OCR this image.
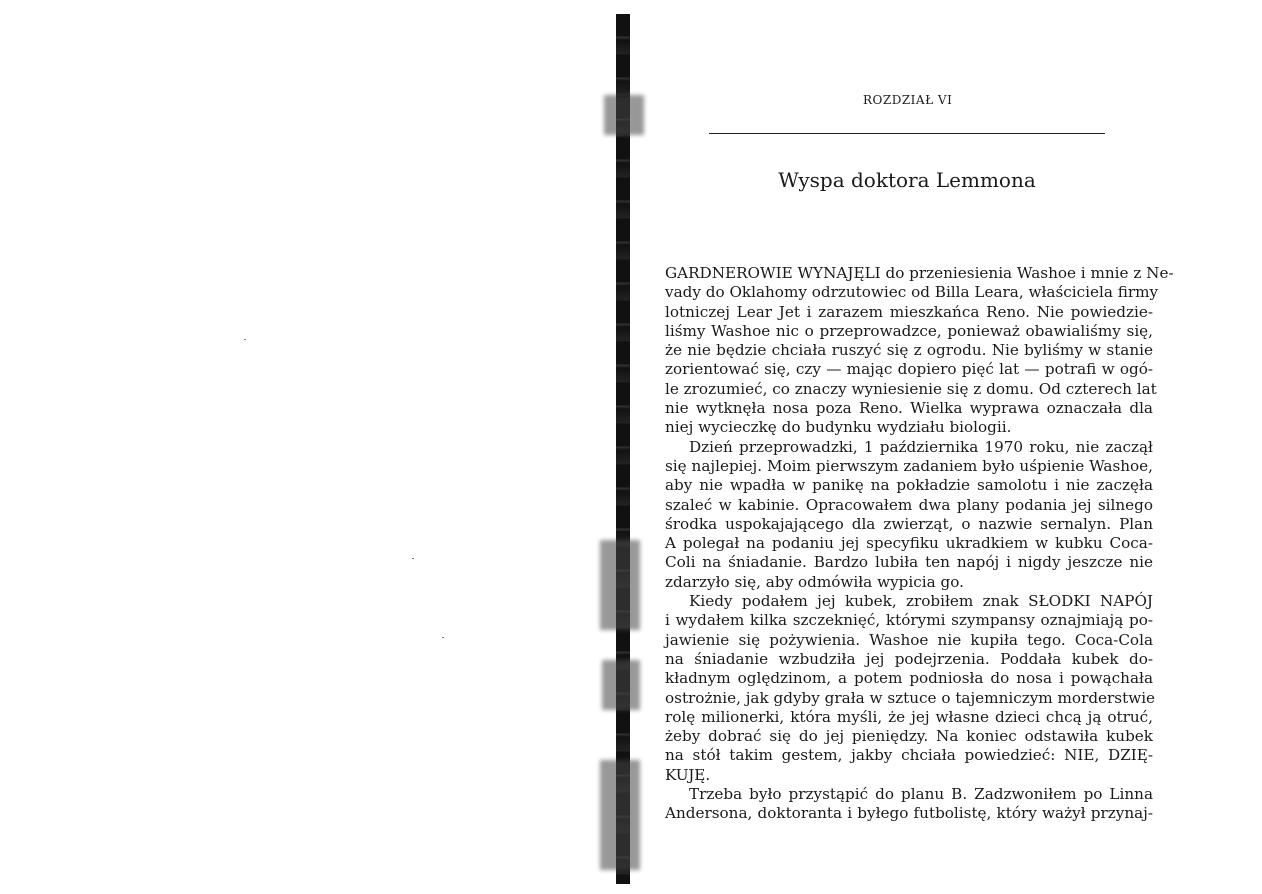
ROZDZIAŁ VI
Wyspa doktora Lemmona
GARDNEROWIE WYNAJĘLI do przeniesienia Washoe i mnie z Ne-
vady do Oklahomy odrzutowiec od Billa Leara, właściciela firmy
lotniczej Lear Jet i zarazem mieszkańca Reno. Nie powiedzie-
liśmy Washoe nic o przeprowadzce, ponieważ obawialiśmy się,
że nie będzie chciała ruszyć się z ogrodu. Nie byliśmy w stanie
zorientować się, czy — mając dopiero pięć lat — potrafi w ogó-
le zrozumieć, co znaczy wyniesienie się z domu. Od czterech lat
nie wytknęła nosa poza Reno. Wielka wyprawa oznaczała dla
niej wycieczkę do budynku wydziału biologii.
Dzień przeprowadzki, 1 października 1970 roku, nie zaczął
się najlepiej. Moim pierwszym zadaniem było uśpienie Washoe,
aby nie wpadła w panikę na pokładzie samolotu i nie zaczęła
szaleć w kabinie. Opracowałem dwa plany podania jej silnego
środka uspokajającego dla zwierząt, o nazwie sernalyn. Plan
A polegał na podaniu jej specyfiku ukradkiem w kubku Coca-
Coli na śniadanie. Bardzo lubiła ten napój i nigdy jeszcze nie
zdarzyło się, aby odmówiła wypicia go.
Kiedy podałem jej kubek, zrobiłem znak SŁODKI NAPÓJ
i wydałem kilka szczeknięć, którymi szympansy oznajmiają po-
jawienie się pożywienia. Washoe nie kupiła tego. Coca-Cola
na śniadanie wzbudziła jej podejrzenia. Poddała kubek do-
kładnym oględzinom, a potem podniosła do nosa i powąchała
ostrożnie, jak gdyby grała w sztuce o tajemniczym morderstwie
rolę milionerki, która myśli, że jej własne dzieci chcą ją otruć,
żeby dobrać się do jej pieniędzy. Na koniec odstawiła kubek
na stół takim gestem, jakby chciała powiedzieć: NIE, DZIĘ-
KUJĘ.
Trzeba było przystąpić do planu B. Zadzwoniłem po Linna
Andersona, doktoranta i byłego futbolistę, który ważył przynaj-
